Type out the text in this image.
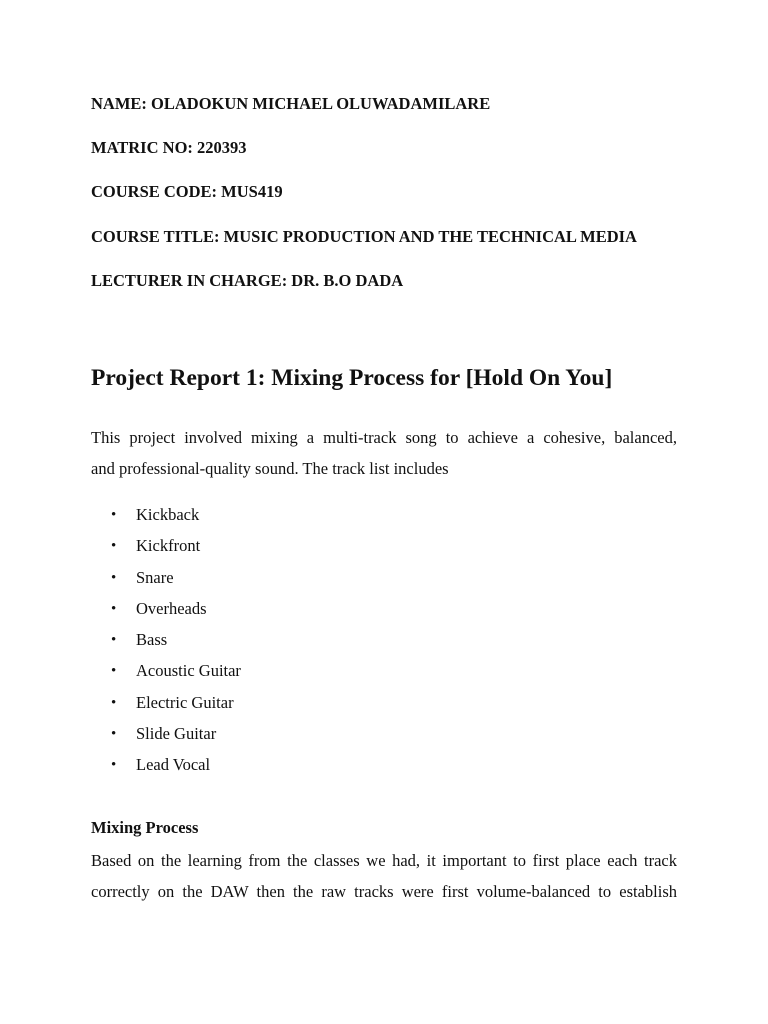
NAME: OLADOKUN MICHAEL OLUWADAMILARE
MATRIC NO: 220393
COURSE CODE: MUS419
COURSE TITLE: MUSIC PRODUCTION AND THE TECHNICAL MEDIA
LECTURER IN CHARGE: DR. B.O DADA
Project Report 1: Mixing Process for [Hold On You]
This project involved mixing a multi-track song to achieve a cohesive, balanced,
and professional-quality sound. The track list includes
• Kickback
• Kickfront
• Snare
• Overheads
• Bass
• Acoustic Guitar
• Electric Guitar
• Slide Guitar
• Lead Vocal
Mixing Process
Based on the learning from the classes we had, it important to first place each track
correctly on the DAW then the raw tracks were first volume-balanced to establish
